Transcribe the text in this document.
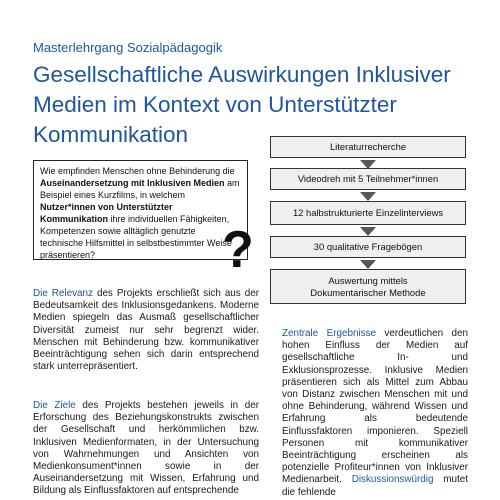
Masterlehrgang Sozialpädagogik
Gesellschaftliche Auswirkungen Inklusiver
Medien im Kontext von Unterstützter
Kommunikation
Wie empfinden Menschen ohne Behinderung die Auseinandersetzung mit Inklusiven Medien am Beispiel eines Kurzfilms, in welchem Nutzer*innen von Unterstützter Kommunikation ihre individuellen Fähigkeiten, Kompetenzen sowie alltäglich genutzte technische Hilfsmittel in selbstbestimmter Weise präsentieren?	?
Literaturrecherche
Videodreh mit 5 Teilnehmer*innen
12 halbstrukturierte Einzelinterviews
30 qualitative Fragebögen
Auswertung mittels Dokumentarischer Methode
Die Relevanz des Projekts erschließt sich aus der Bedeutsamkeit des Inklusionsgedankens. Moderne Medien spiegeln das Ausmaß gesellschaftlicher Diversität zumeist nur sehr begrenzt wider. Menschen mit Behinderung bzw. kommunikativer Beeinträchtigung sehen sich darin entsprechend stark unterrepräsentiert.
Die Ziele des Projekts bestehen jeweils in der Erforschung des Beziehungskonstrukts zwischen der Gesellschaft und herkömmlichen bzw. Inklusiven Medienformaten, in der Untersuchung von Wahrnehmungen und Ansichten von Medienkonsument*innen sowie in der Auseinandersetzung mit Wissen, Erfahrung und Bildung als Einflussfaktoren auf entsprechende
Zentrale Ergebnisse verdeutlichen den hohen Einfluss der Medien auf gesellschaftliche In- und Exklusionsprozesse. Inklusive Medien präsentieren sich als Mittel zum Abbau von Distanz zwischen Menschen mit und ohne Behinderung, während Wissen und Erfahrung als bedeutende Einflussfaktoren imponieren. Speziell Personen mit kommunikativer Beeinträchtigung erscheinen als potenzielle Profiteur*innen von Inklusiver Medienarbeit. Diskussionswürdig mutet die fehlende
